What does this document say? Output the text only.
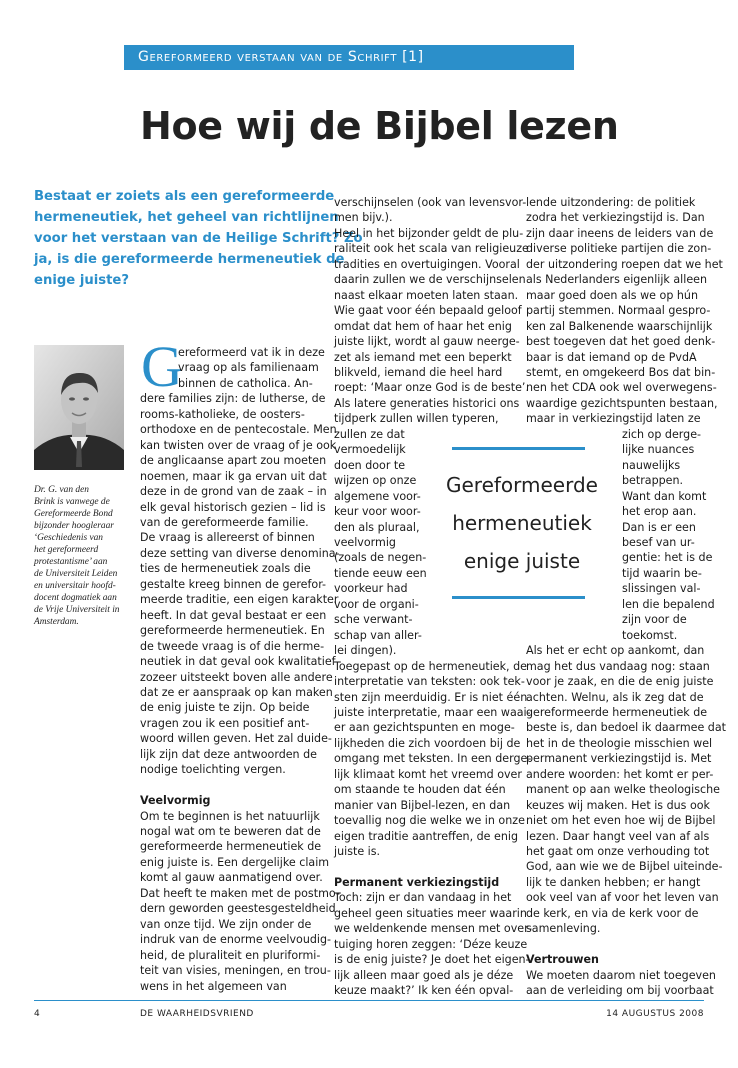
Gereformeerd verstaan van de Schrift [1]
Hoe wij de Bijbel lezen
Bestaat er zoiets als een gereformeerde
hermeneutiek, het geheel van richtlijnen
voor het verstaan van de Heilige Schrift? Zo
ja, is die gereformeerde hermeneutiek de
enige juiste?
Dr. G. van den
Brink is vanwege de
Gereformeerde Bond
bijzonder hoogleraar
‘Geschiedenis van
het gereformeerd
protestantisme’ aan
de Universiteit Leiden
en universitair hoofd-
docent dogmatiek aan
de Vrije Universiteit in
Amsterdam.
G
ereformeerd vat ik in deze
vraag op als familienaam
binnen de catholica. An-
dere families zijn: de lutherse, de
rooms-katholieke, de oosters-
orthodoxe en de pentecostale. Men
kan twisten over de vraag of je ook
de anglicaanse apart zou moeten
noemen, maar ik ga ervan uit dat
deze in de grond van de zaak – in
elk geval historisch gezien – lid is
van de gereformeerde familie.
De vraag is allereerst of binnen
deze setting van diverse denomina-
ties de hermeneutiek zoals die
gestalte kreeg binnen de gerefor-
meerde traditie, een eigen karakter
heeft. In dat geval bestaat er een
gereformeerde hermeneutiek. En
de tweede vraag is of die herme-
neutiek in dat geval ook kwalitatief
zozeer uitsteekt boven alle andere
dat ze er aanspraak op kan maken
de enig juiste te zijn. Op beide
vragen zou ik een positief ant-
woord willen geven. Het zal duide-
lijk zijn dat deze antwoorden de
nodige toelichting vergen.
Veelvormig
Om te beginnen is het natuurlijk
nogal wat om te beweren dat de
gereformeerde hermeneutiek de
enig juiste is. Een dergelijke claim
komt al gauw aanmatigend over.
Dat heeft te maken met de postmo-
dern geworden geestesgesteldheid
van onze tijd. We zijn onder de
indruk van de enorme veelvoudig-
heid, de pluraliteit en pluriformi-
teit van visies, meningen, en trou-
wens in het algemeen van
verschijnselen (ook van levensvor-
men bijv.).
Heel in het bijzonder geldt de plu-
raliteit ook het scala van religieuze
tradities en overtuigingen. Vooral
daarin zullen we de verschijnselen
naast elkaar moeten laten staan.
Wie gaat voor één bepaald geloof
omdat dat hem of haar het enig
juiste lijkt, wordt al gauw neerge-
zet als iemand met een beperkt
blikveld, iemand die heel hard
roept: ‘Maar onze God is de beste’.
Als latere generaties historici ons
tijdperk zullen willen typeren,
zullen ze dat
vermoedelijk
doen door te
wijzen op onze
algemene voor-
keur voor woor-
den als pluraal,
veelvormig
(zoals de negen-
tiende eeuw een
voorkeur had
voor de organi-
sche verwant-
schap van aller-
lei dingen).
Toegepast op de hermeneutiek, de
interpretatie van teksten: ook tek-
sten zijn meerduidig. Er is niet één
juiste interpretatie, maar een waai-
er aan gezichtspunten en moge-
lijkheden die zich voordoen bij de
omgang met teksten. In een derge-
lijk klimaat komt het vreemd over
om staande te houden dat één
manier van Bijbel-lezen, en dan
toevallig nog die welke we in onze
eigen traditie aantreffen, de enig
juiste is.
Permanent verkiezingstijd
Toch: zijn er dan vandaag in het
geheel geen situaties meer waarin
we weldenkende mensen met over-
tuiging horen zeggen: ‘Déze keuze
is de enig juiste? Je doet het eigen-
lijk alleen maar goed als je déze
keuze maakt?’ Ik ken één opval-
lende uitzondering: de politiek
zodra het verkiezingstijd is. Dan
zijn daar ineens de leiders van de
diverse politieke partijen die zon-
der uitzondering roepen dat we het
als Nederlanders eigenlijk alleen
maar goed doen als we op hún
partij stemmen. Normaal gespro-
ken zal Balkenende waarschijnlijk
best toegeven dat het goed denk-
baar is dat iemand op de PvdA
stemt, en omgekeerd Bos dat bin-
nen het CDA ook wel overwegens-
waardige gezichtspunten bestaan,
maar in verkiezingstijd laten ze
zich op derge-
lijke nuances
nauwelijks
betrappen.
Want dan komt
het erop aan.
Dan is er een
besef van ur-
gentie: het is de
tijd waarin be-
slissingen val-
len die bepalend
zijn voor de
toekomst.
Als het er echt op aankomt, dan
mag het dus vandaag nog: staan
voor je zaak, en die de enig juiste
achten. Welnu, als ik zeg dat de
gereformeerde hermeneutiek de
beste is, dan bedoel ik daarmee dat
het in de theologie misschien wel
permanent verkiezingstijd is. Met
andere woorden: het komt er per-
manent op aan welke theologische
keuzes wij maken. Het is dus ook
niet om het even hoe wij de Bijbel
lezen. Daar hangt veel van af als
het gaat om onze verhouding tot
God, aan wie we de Bijbel uiteinde-
lijk te danken hebben; er hangt
ook veel van af voor het leven van
de kerk, en via de kerk voor de
samenleving.
Vertrouwen
We moeten daarom niet toegeven
aan de verleiding om bij voorbaat
Gereformeerde
hermeneutiek
enige juiste
4	DE WAARHEIDSVRIEND	14 AUGUSTUS 2008
